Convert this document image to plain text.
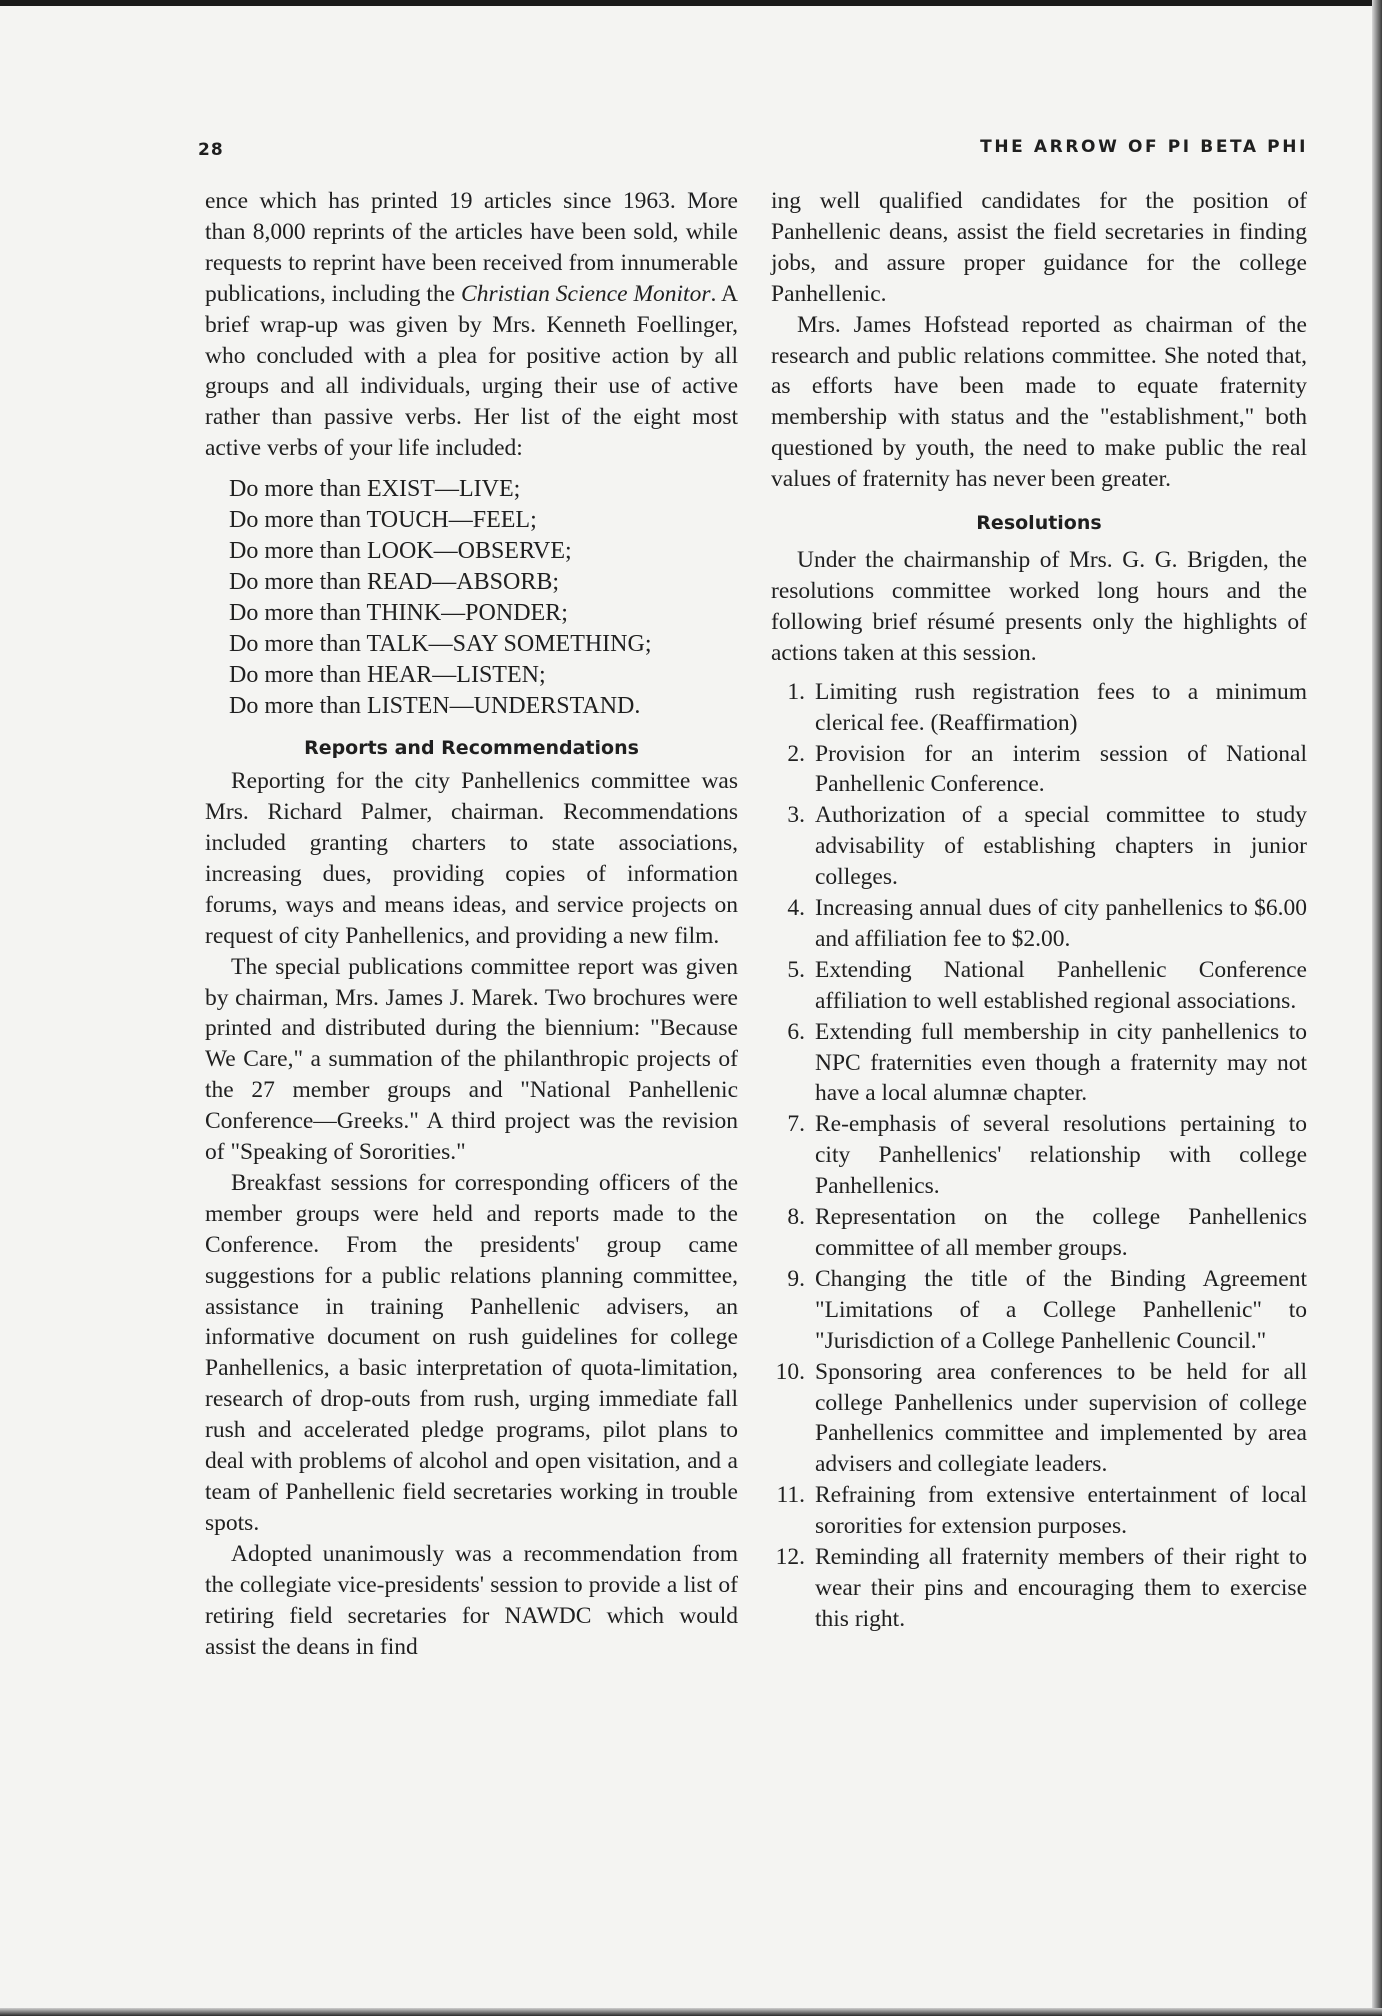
28	THE ARROW OF PI BETA PHI

ence which has printed 19 articles since 1963. More than 8,000 reprints of the articles have been sold, while requests to reprint have been received from innumerable publications, including the Christian Science Monitor. A brief wrap-up was given by Mrs. Kenneth Foellinger, who concluded with a plea for positive action by all groups and all individuals, urging their use of active rather than passive verbs. Her list of the eight most active verbs of your life included:

Do more than EXIST—LIVE;
Do more than TOUCH—FEEL;
Do more than LOOK—OBSERVE;
Do more than READ—ABSORB;
Do more than THINK—PONDER;
Do more than TALK—SAY SOMETHING;
Do more than HEAR—LISTEN;
Do more than LISTEN—UNDERSTAND.
Reports and Recommendations

Reporting for the city Panhellenics committee was Mrs. Richard Palmer, chairman. Recommendations included granting charters to state associations, increasing dues, providing copies of information forums, ways and means ideas, and service projects on request of city Panhellenics, and providing a new film.

The special publications committee report was given by chairman, Mrs. James J. Marek. Two brochures were printed and distributed during the biennium: "Because We Care," a summation of the philanthropic projects of the 27 member groups and "National Panhellenic Conference—Greeks." A third project was the revision of "Speaking of Sororities."

Breakfast sessions for corresponding officers of the member groups were held and reports made to the Conference. From the presidents' group came suggestions for a public relations planning committee, assistance in training Panhellenic advisers, an informative document on rush guidelines for college Panhellenics, a basic interpretation of quota-limitation, research of drop-outs from rush, urging immediate fall rush and accelerated pledge programs, pilot plans to deal with problems of alcohol and open visitation, and a team of Panhellenic field secretaries working in trouble spots.

Adopted unanimously was a recommendation from the collegiate vice-presidents' session to provide a list of retiring field secretaries for NAWDC which would assist the deans in find

ing well qualified candidates for the position of Panhellenic deans, assist the field secretaries in finding jobs, and assure proper guidance for the college Panhellenic.

Mrs. James Hofstead reported as chairman of the research and public relations committee. She noted that, as efforts have been made to equate fraternity membership with status and the "establishment," both questioned by youth, the need to make public the real values of fraternity has never been greater.

Resolutions

Under the chairmanship of Mrs. G. G. Brigden, the resolutions committee worked long hours and the following brief résumé presents only the highlights of actions taken at this session.

1. Limiting rush registration fees to a minimum clerical fee. (Reaffirmation)
2. Provision for an interim session of National Panhellenic Conference.
3. Authorization of a special committee to study advisability of establishing chapters in junior colleges.
4. Increasing annual dues of city panhellenics to $6.00 and affiliation fee to $2.00.
5. Extending National Panhellenic Conference affiliation to well established regional associations.
6. Extending full membership in city panhellenics to NPC fraternities even though a fraternity may not have a local alumnæ chapter.
7. Re-emphasis of several resolutions pertaining to city Panhellenics' relationship with college Panhellenics.
8. Representation on the college Panhellenics committee of all member groups.
9. Changing the title of the Binding Agreement "Limitations of a College Panhellenic" to "Jurisdiction of a College Panhellenic Council."
10. Sponsoring area conferences to be held for all college Panhellenics under supervision of college Panhellenics committee and implemented by area advisers and collegiate leaders.
11. Refraining from extensive entertainment of local sororities for extension purposes.
12. Reminding all fraternity members of their right to wear their pins and encouraging them to exercise this right.
